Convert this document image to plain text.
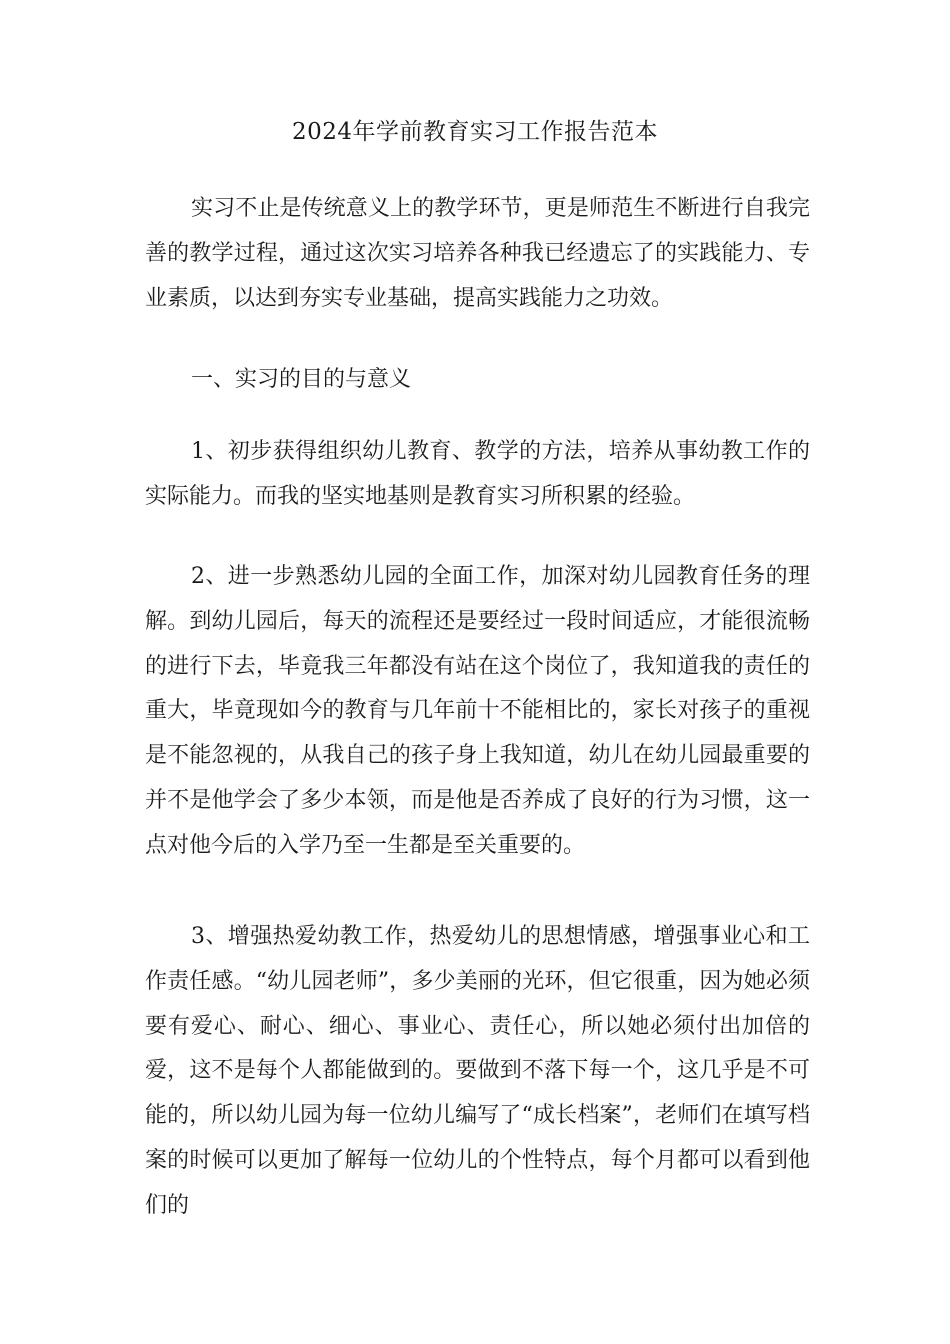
2024年学前教育实习工作报告范本

实习不止是传统意义上的教学环节，更是师范生不断进行自我完善的教学过程，通过这次实习培养各种我已经遗忘了的实践能力、专业素质，以达到夯实专业基础，提高实践能力之功效。

一、实习的目的与意义

1、初步获得组织幼儿教育、教学的方法，培养从事幼教工作的实际能力。而我的坚实地基则是教育实习所积累的经验。

2、进一步熟悉幼儿园的全面工作，加深对幼儿园教育任务的理解。到幼儿园后，每天的流程还是要经过一段时间适应，才能很流畅的进行下去，毕竟我三年都没有站在这个岗位了，我知道我的责任的重大，毕竟现如今的教育与几年前十不能相比的，家长对孩子的重视是不能忽视的，从我自己的孩子身上我知道，幼儿在幼儿园最重要的并不是他学会了多少本领，而是他是否养成了良好的行为习惯，这一点对他今后的入学乃至一生都是至关重要的。

3、增强热爱幼教工作，热爱幼儿的思想情感，增强事业心和工作责任感。“幼儿园老师”，多少美丽的光环，但它很重，因为她必须要有爱心、耐心、细心、事业心、责任心，所以她必须付出加倍的爱，这不是每个人都能做到的。要做到不落下每一个，这几乎是不可能的，所以幼儿园为每一位幼儿编写了“成长档案”，老师们在填写档案的时候可以更加了解每一位幼儿的个性特点，每个月都可以看到他们的
